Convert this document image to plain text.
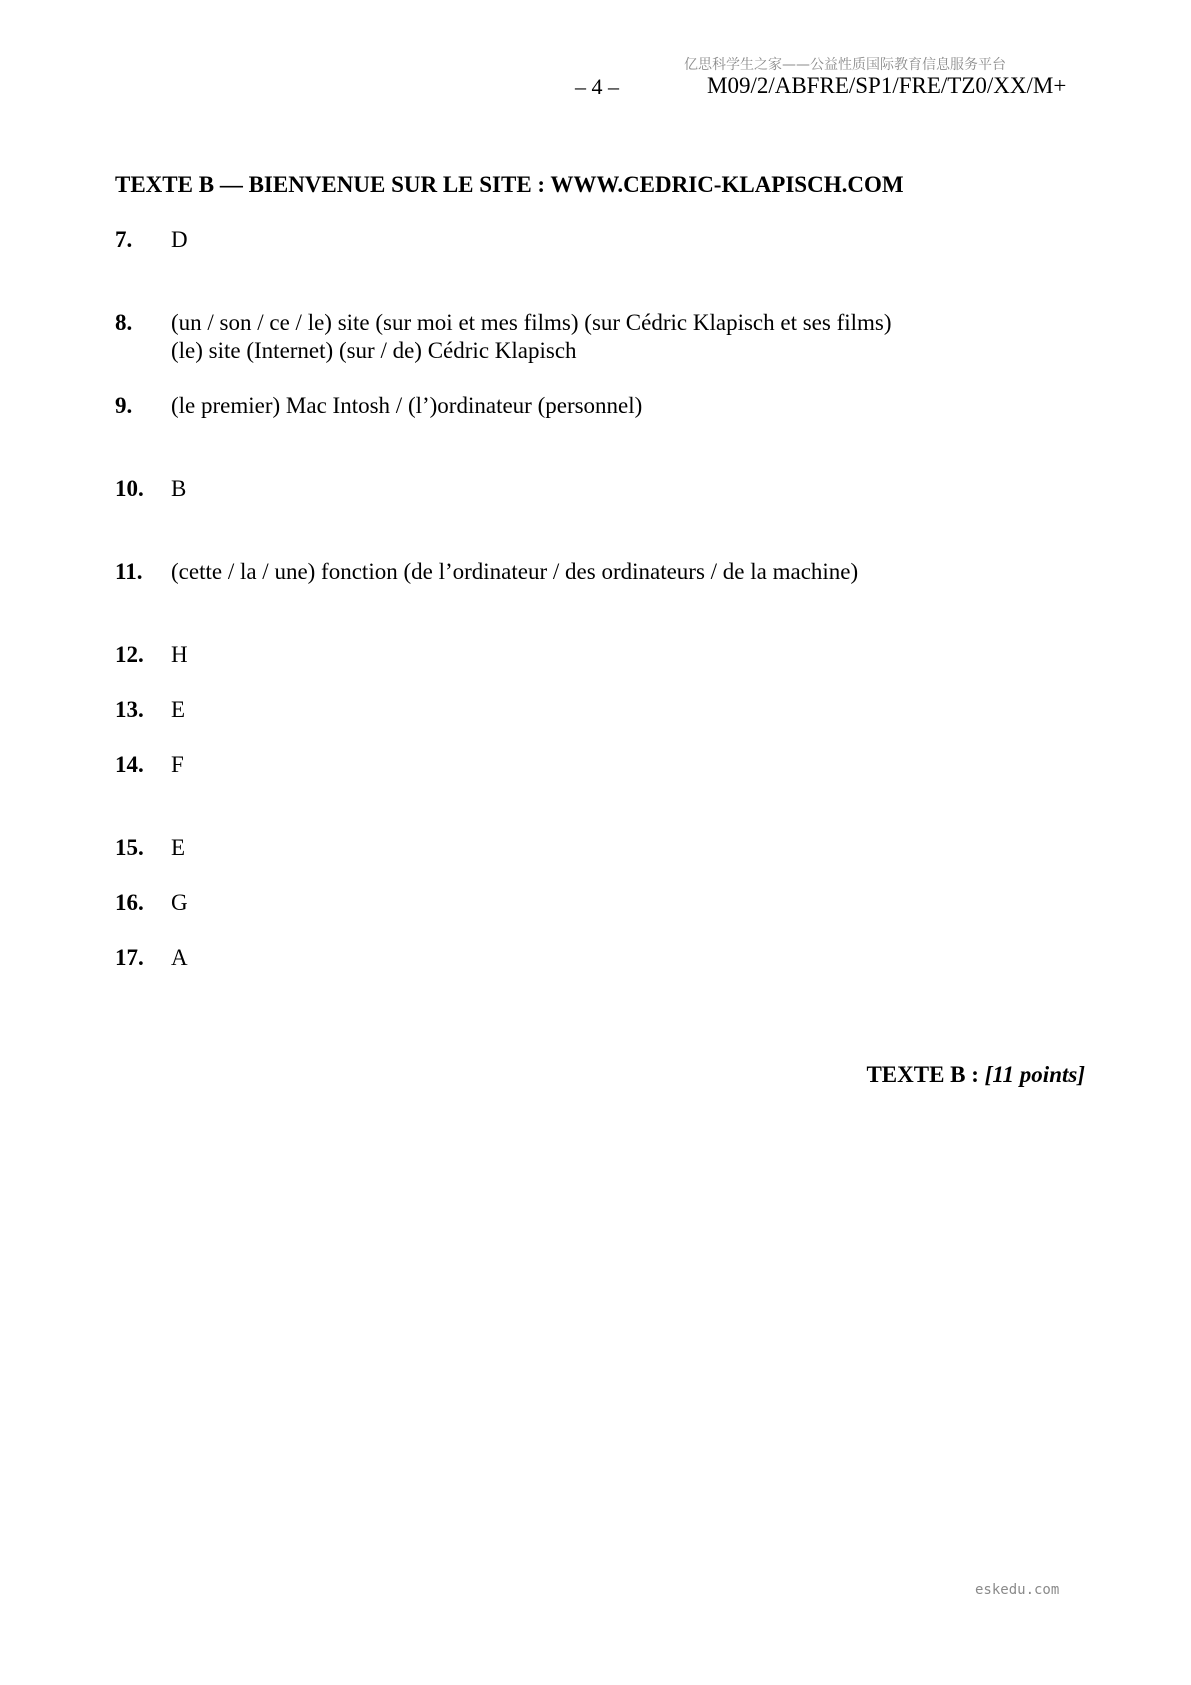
亿思科学生之家——公益性质国际教育信息服务平台
– 4 –	M09/2/ABFRE/SP1/FRE/TZ0/XX/M+
TEXTE B — BIENVENUE SUR LE SITE : WWW.CEDRIC-KLAPISCH.COM
7. D
8. (un / son / ce / le) site (sur moi et mes films) (sur Cédric Klapisch et ses films)
(le) site (Internet) (sur / de) Cédric Klapisch
9. (le premier) Mac Intosh / (l’)ordinateur (personnel)
10. B
11. (cette / la / une) fonction (de l’ordinateur / des ordinateurs / de la machine)
12. H
13. E
14. F
15. E
16. G
17. A
TEXTE B : [11 points]
eskedu.com
